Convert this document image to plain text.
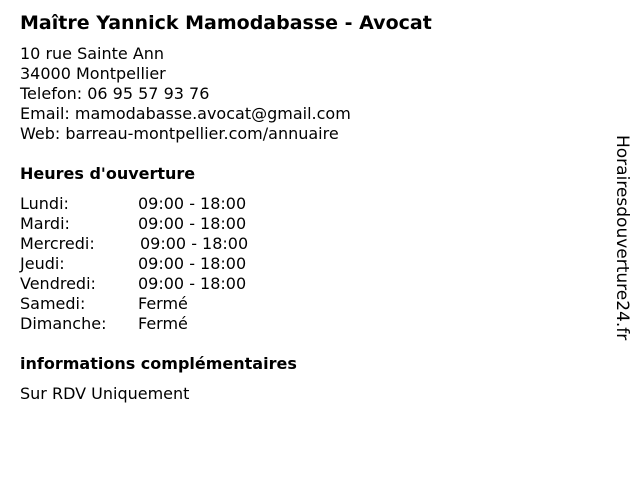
Maître Yannick Mamodabasse - Avocat
10 rue Sainte Ann
34000 Montpellier
Telefon: 06 95 57 93 76
Email: mamodabasse.avocat@gmail.com
Web: barreau-montpellier.com/annuaire
Heures d'ouverture
Lundi:	09:00 - 18:00
Mardi:	09:00 - 18:00
Mercredi:	09:00 - 18:00
Jeudi:	09:00 - 18:00
Vendredi:	09:00 - 18:00
Samedi:	Fermé
Dimanche: Fermé
informations complémentaires
Sur RDV Uniquement
Horairesdouverture24.fr
